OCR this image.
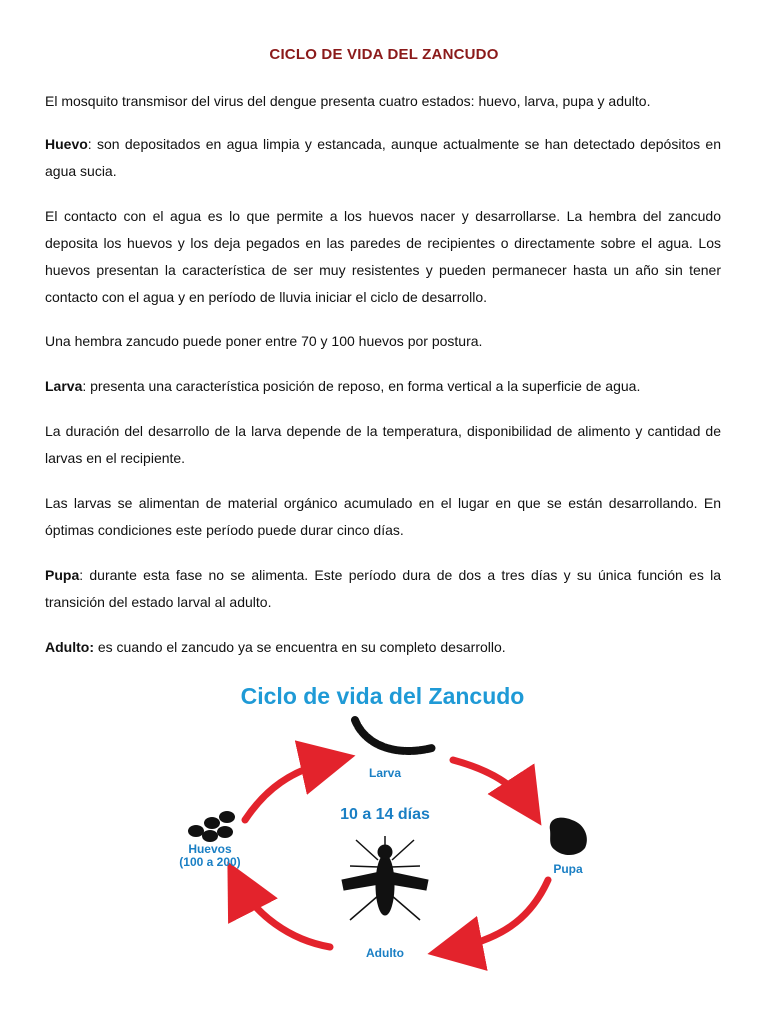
CICLO DE VIDA DEL ZANCUDO

El mosquito transmisor del virus del dengue presenta cuatro estados: huevo, larva, pupa y adulto.

Huevo: son depositados en agua limpia y estancada, aunque actualmente se han detectado depósitos en agua sucia.

El contacto con el agua es lo que permite a los huevos nacer y desarrollarse. La hembra del zancudo deposita los huevos y los deja pegados en las paredes de recipientes o directamente sobre el agua. Los huevos presentan la característica de ser muy resistentes y pueden permanecer hasta un año sin tener contacto con el agua y en período de lluvia iniciar el ciclo de desarrollo.

Una hembra zancudo puede poner entre 70 y 100 huevos por postura.

Larva: presenta una característica posición de reposo, en forma vertical a la superficie de agua.

La duración del desarrollo de la larva depende de la temperatura, disponibilidad de alimento y cantidad de larvas en el recipiente.

Las larvas se alimentan de material orgánico acumulado en el lugar en que se están desarrollando. En óptimas condiciones este período puede durar cinco días.

Pupa: durante esta fase no se alimenta. Este período dura de dos a tres días y su única función es la transición del estado larval al adulto.

Adulto: es cuando el zancudo ya se encuentra en su completo desarrollo.

Ciclo de vida del Zancudo
Larva
10 a 14 días
Pupa
Huevos
(100 a 200)
Adulto
